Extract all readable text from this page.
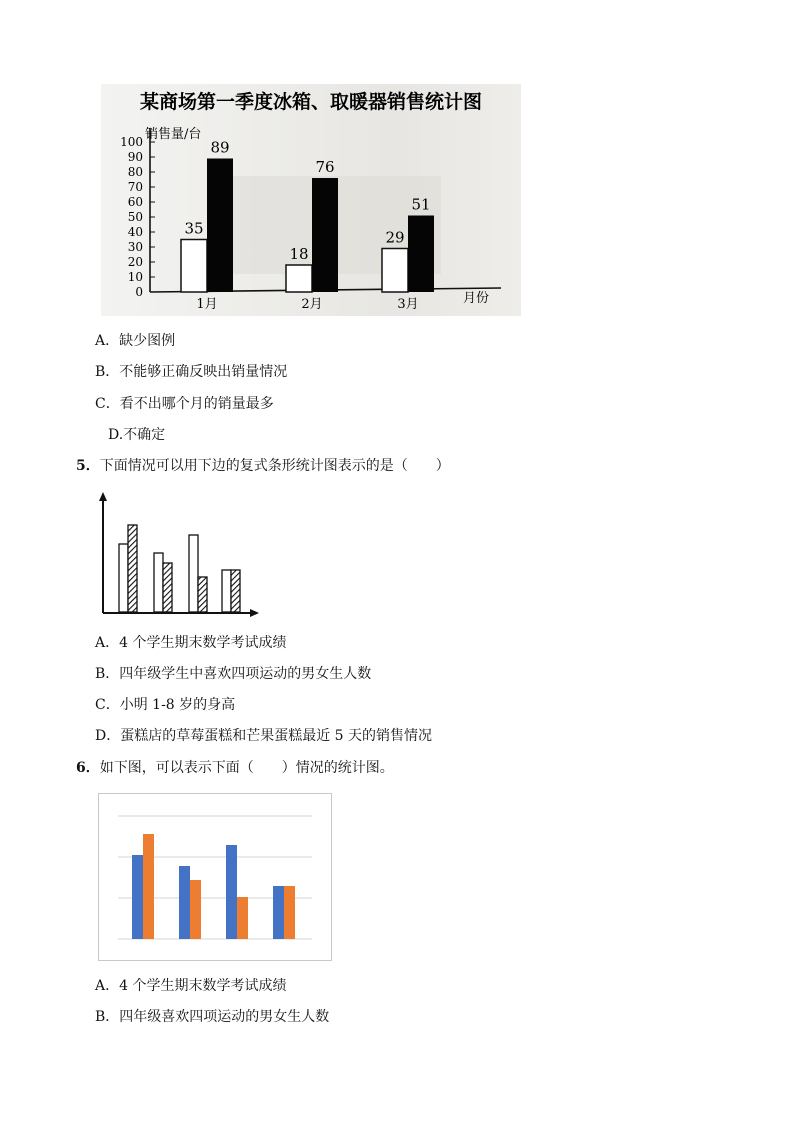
0
10
20
30
40
50
60
70
80
90
100
35
89
1月
18
76
2月
29
51
3月
某商场第一季度冰箱、取暖器销售统计图
销售量/台
月份
A．缺少图例
B．不能够正确反映出销量情况
C．看不出哪个月的销量最多
D.不确定
5．下面情况可以用下边的复式条形统计图表示的是（　　）
A．4 个学生期末数学考试成绩
B．四年级学生中喜欢四项运动的男女生人数
C．小明 1-8 岁的身高
D．蛋糕店的草莓蛋糕和芒果蛋糕最近 5 天的销售情况
6．如下图，可以表示下面（　　）情况的统计图。
A．4 个学生期末数学考试成绩
B．四年级喜欢四项运动的男女生人数
